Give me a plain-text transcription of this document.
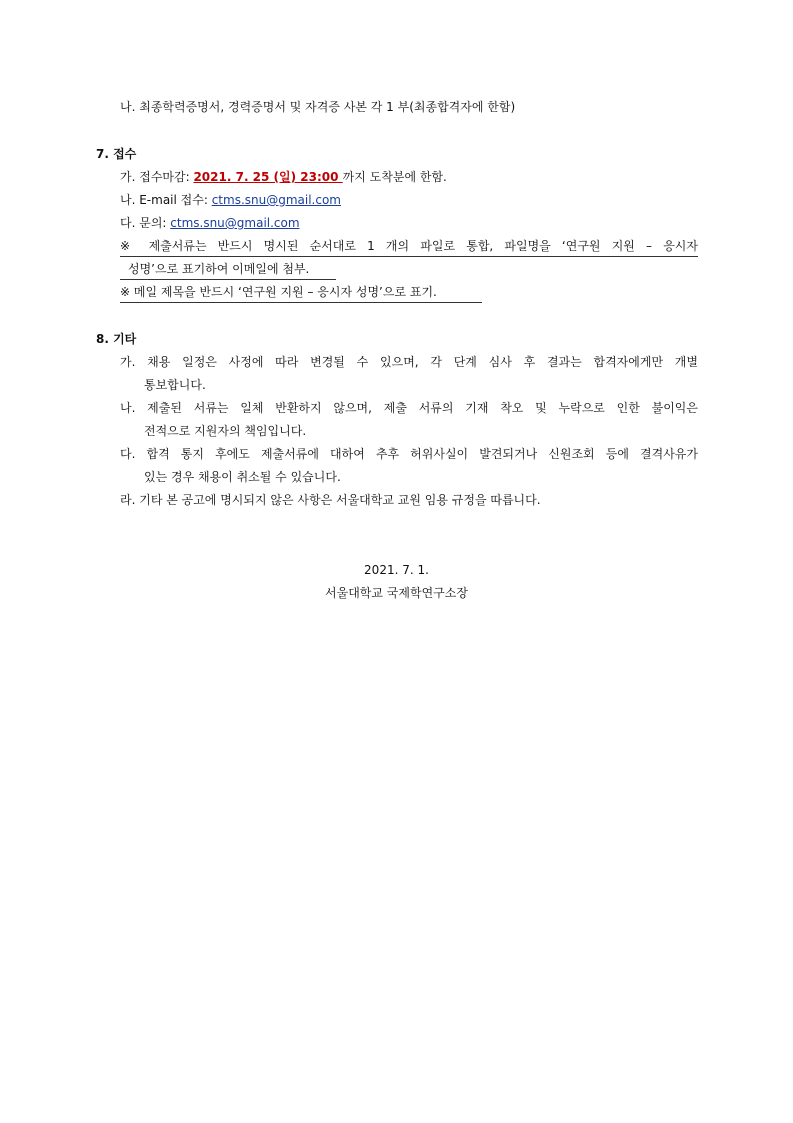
나. 최종학력증명서, 경력증명서 및 자격증 사본 각 1 부(최종합격자에 한함)
7. 접수
가. 접수마감: 2021. 7. 25 (일) 23:00 까지 도착분에 한함.
나. E-mail 접수: ctms.snu@gmail.com
다. 문의: ctms.snu@gmail.com
※ 제출서류는 반드시 명시된 순서대로 1 개의 파일로 통합, 파일명을 ‘연구원 지원 – 응시자
성명’으로 표기하여 이메일에 첨부.
※ 메일 제목을 반드시 ‘연구원 지원 – 응시자 성명’으로 표기.
8. 기타
가. 채용 일정은 사정에 따라 변경될 수 있으며, 각 단계 심사 후 결과는 합격자에게만 개별
통보합니다.
나. 제출된 서류는 일체 반환하지 않으며, 제출 서류의 기재 착오 및 누락으로 인한 불이익은
전적으로 지원자의 책임입니다.
다. 합격 통지 후에도 제출서류에 대하여 추후 허위사실이 발견되거나 신원조회 등에 결격사유가
있는 경우 채용이 취소될 수 있습니다.
라. 기타 본 공고에 명시되지 않은 사항은 서울대학교 교원 임용 규정을 따릅니다.
2021. 7. 1.
서울대학교 국제학연구소장
